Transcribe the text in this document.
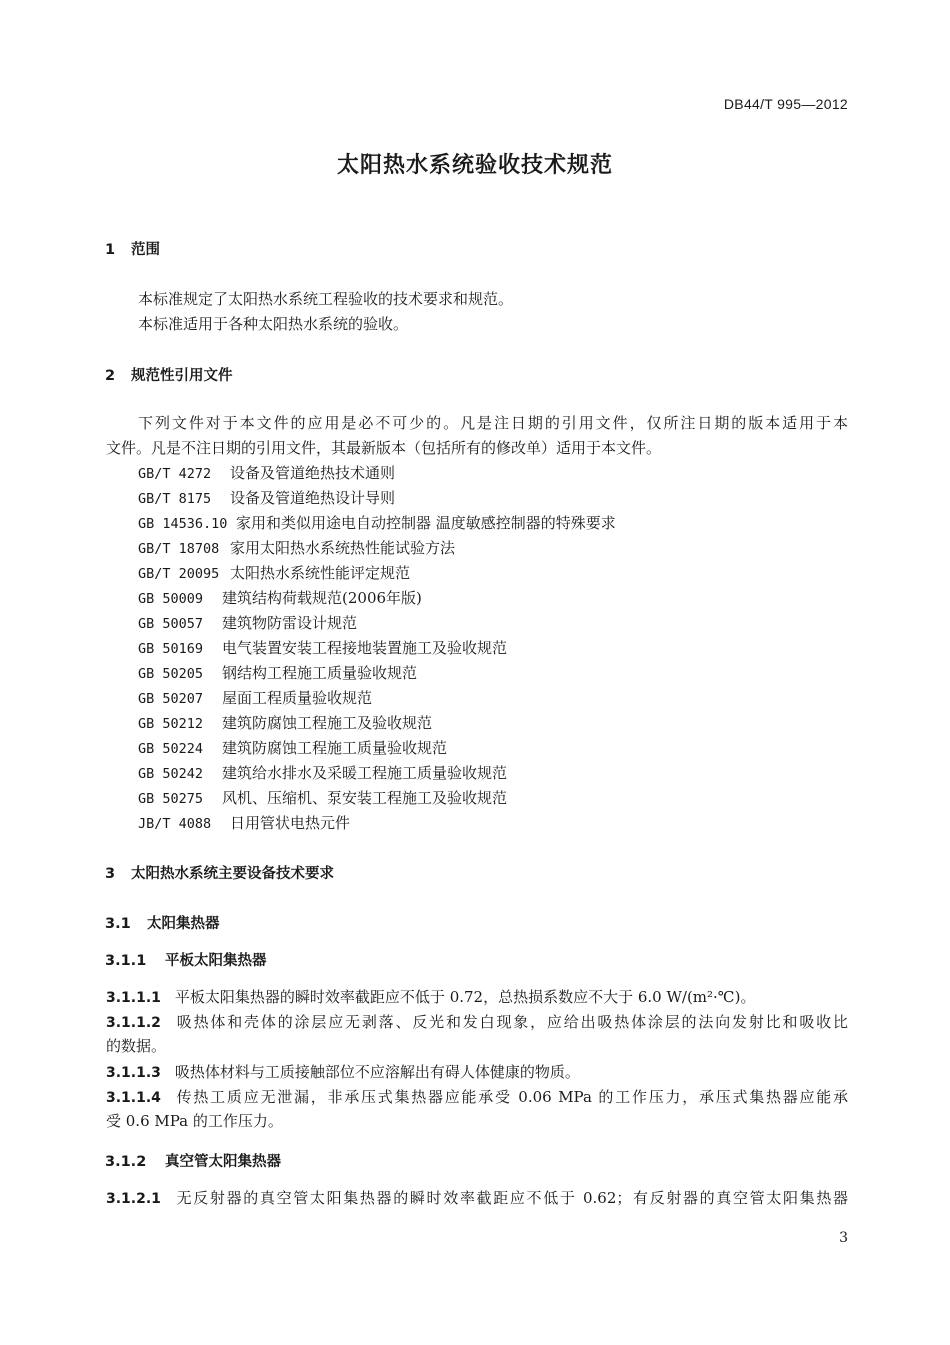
DB44/T 995—2012
太阳热水系统验收技术规范
1 范围
本标准规定了太阳热水系统工程验收的技术要求和规范。
本标准适用于各种太阳热水系统的验收。
2 规范性引用文件
下列文件对于本文件的应用是必不可少的。凡是注日期的引用文件，仅所注日期的版本适用于本
文件。凡是不注日期的引用文件，其最新版本（包括所有的修改单）适用于本文件。
GB/T 4272 设备及管道绝热技术通则
GB/T 8175 设备及管道绝热设计导则
GB 14536.10 家用和类似用途电自动控制器 温度敏感控制器的特殊要求
GB/T 18708 家用太阳热水系统热性能试验方法
GB/T 20095 太阳热水系统性能评定规范
GB 50009 建筑结构荷载规范(2006年版)
GB 50057 建筑物防雷设计规范
GB 50169 电气装置安装工程接地装置施工及验收规范
GB 50205 钢结构工程施工质量验收规范
GB 50207 屋面工程质量验收规范
GB 50212 建筑防腐蚀工程施工及验收规范
GB 50224 建筑防腐蚀工程施工质量验收规范
GB 50242 建筑给水排水及采暖工程施工质量验收规范
GB 50275 风机、压缩机、泵安装工程施工及验收规范
JB/T 4088 日用管状电热元件
3 太阳热水系统主要设备技术要求
3.1 太阳集热器
3.1.1 平板太阳集热器
3.1.1.1 平板太阳集热器的瞬时效率截距应不低于 0.72，总热损系数应不大于 6.0 W/(m²·℃)。
3.1.1.2 吸热体和壳体的涂层应无剥落、反光和发白现象，应给出吸热体涂层的法向发射比和吸收比
的数据。
3.1.1.3 吸热体材料与工质接触部位不应溶解出有碍人体健康的物质。
3.1.1.4 传热工质应无泄漏，非承压式集热器应能承受 0.06 MPa 的工作压力，承压式集热器应能承
受 0.6 MPa 的工作压力。
3.1.2 真空管太阳集热器
3.1.2.1 无反射器的真空管太阳集热器的瞬时效率截距应不低于 0.62；有反射器的真空管太阳集热器
3
